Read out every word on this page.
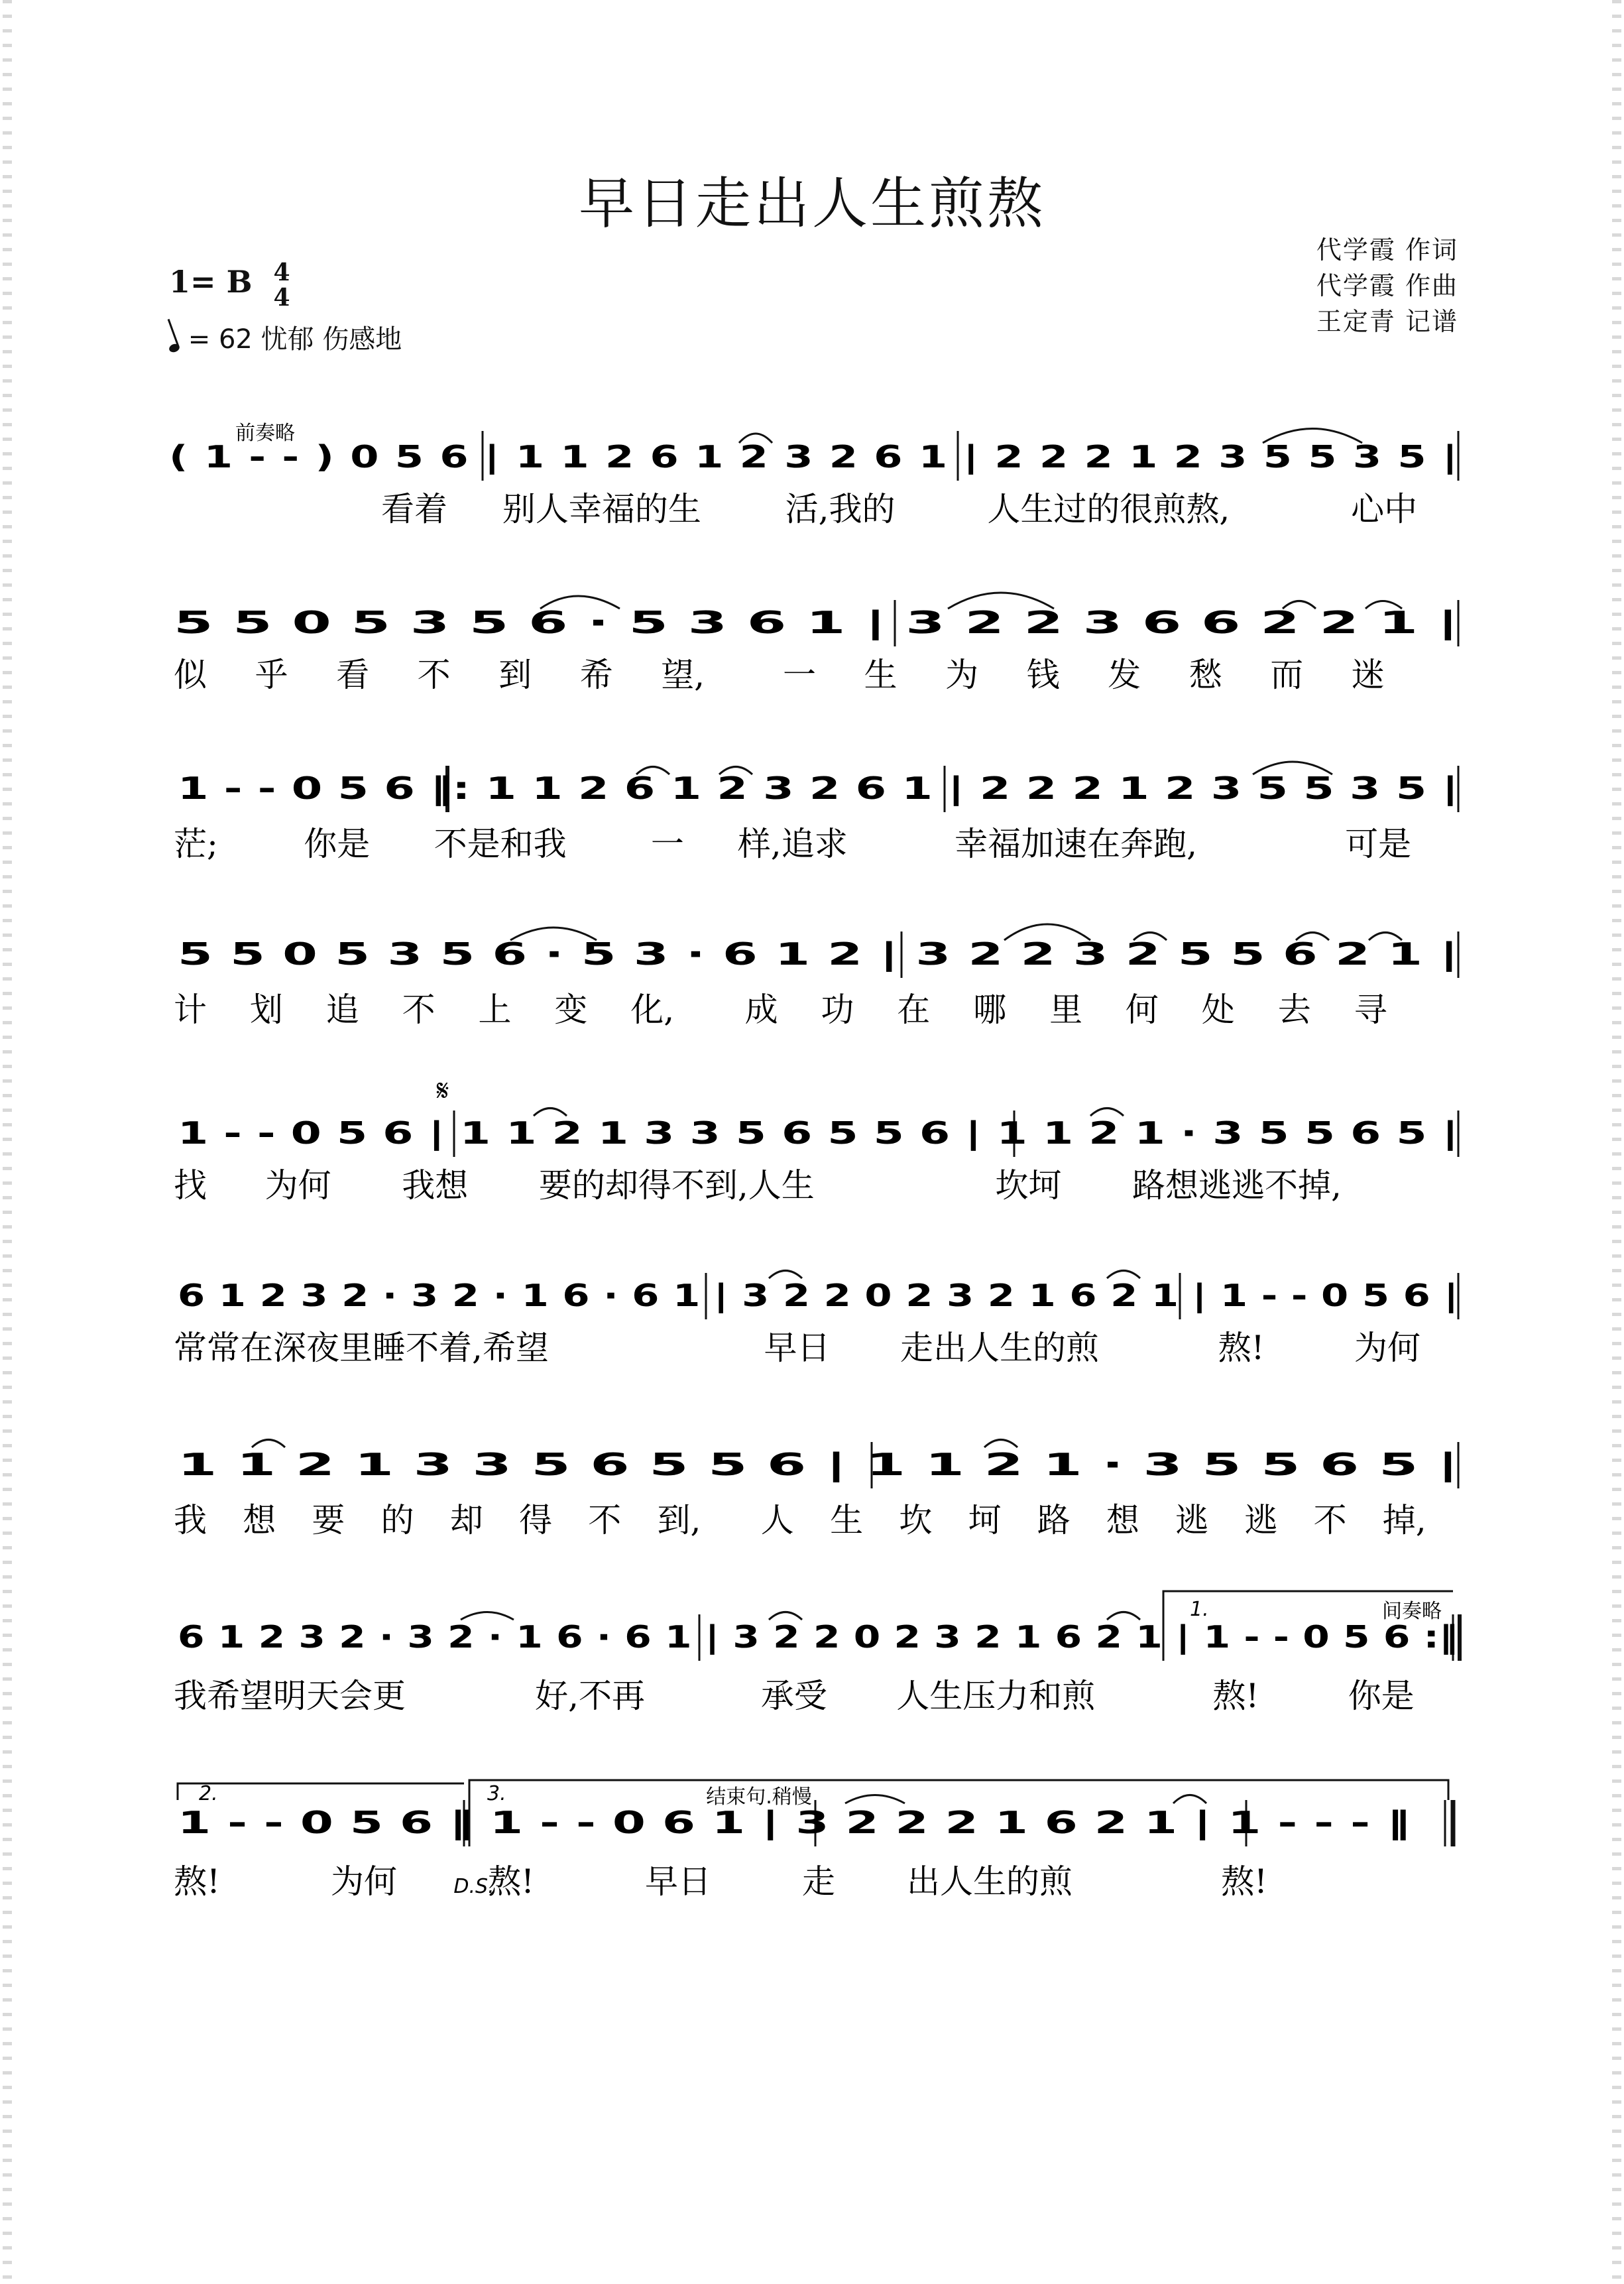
早日走出人生煎熬
1= B 4
4
= 62 忧郁 伤感地
代学霞 作词
代学霞 作曲
王定青 记谱
前奏略
间奏略
结束句.稍慢
𝄋
D.S.
1.
2.	3.
( 1 - - ) 0 5 6 | 1 1 2 6 1 2 3 2 6 1 | 2 2 2 1 2 3 5 5 3 5 |
5 5 0 5 3 5 6 · 5 3 6 1 | 3 2 2 3 6 6 2 2 1 |
1 - - 0 5 6 ‖: 1 1 2 6 1 2 3 2 6 1 | 2 2 2 1 2 3 5 5 3 5 |
5 5 0 5 3 5 6 · 5 3 · 6 1 2 | 3 2 2 3 2 5 5 6 2 1 |
1 - - 0 5 6 | 1 1 2 1 3 3 5 6 5 5 6 | 1 1 2 1 · 3 5 5 6 5 |
6 1 2 3 2 · 3 2 · 1 6 · 6 1 | 3 2 2 0 2 3 2 1 6 2 1 | 1 - - 0 5 6 |
1 1 2 1 3 3 5 6 5 5 6 | 1 1 2 1 · 3 5 5 6 5 |
6 1 2 3 2 · 3 2 · 1 6 · 6 1 | 3 2 2 0 2 3 2 1 6 2 1 | 1 - - 0 5 6 :‖
1 - - 0 5 6 ‖ 1 - - 0 6 1 | 3 2 2 2 1 6 2 1 | 1 - - - ‖
看着 别人幸福的生	活,我的	人生过的很煎熬,	心中
似 乎 看 不 到 希 望, 一 生 为 钱 发 愁 而 迷
茫;	你是 不是和我	一 样,追求	幸福加速在奔跑,	可是
计 划 追 不 上 变 化, 成 功 在 哪 里 何 处 去 寻
找 为何 我想 要的却得不到,人生	坎坷 路想逃逃不掉,
常常在深夜里睡不着,希望	早日 走出人生的煎	熬!	为何
我 想 要 的 却 得 不 到, 人 生 坎 坷 路 想 逃 逃 不 掉,
我希望明天会更	好,不再	承受 人生压力和煎	熬!	你是
熬!	为何	熬!	早日	走 出人生的煎	熬!
